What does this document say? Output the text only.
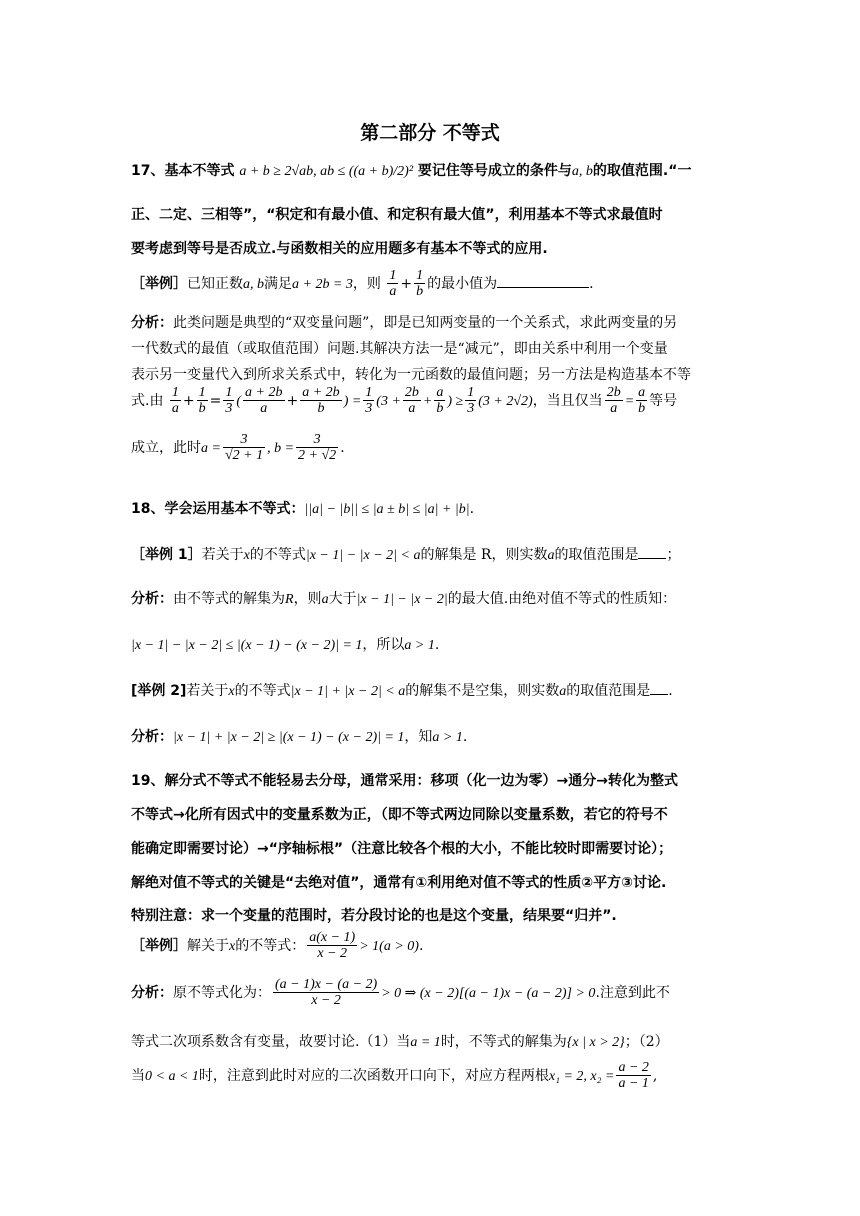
第二部分 不等式
17、基本不等式 a + b ≥ 2√ab, ab ≤ ((a + b)/2)² 要记住等号成立的条件与a, b的取值范围.“一
正、二定、三相等”，“积定和有最小值、和定积有最大值”，利用基本不等式求最值时
要考虑到等号是否成立.与函数相关的应用题多有基本不等式的应用.
［举例］已知正数a, b满足a + 2b = 3，则 $\frac{1}{a} + \frac{1}{b}$ 的最小值为	.
分析：此类问题是典型的“双变量问题”，即是已知两变量的一个关系式，求此两变量的另
一代数式的最值（或取值范围）问题.其解决方法一是“减元”，即由关系中利用一个变量
表示另一变量代入到所求关系式中，转化为一元函数的最值问题；另一方法是构造基本不等
式.由 $\frac{1}{a} + \frac{1}{b} = \frac{1}{3}$ ( $\frac{a + 2b}{a} + \frac{a + 2b}{b}$ ) = $\frac{1}{3} (3 + \frac{2b}{a} + \frac{a}{b}$ ) ≥ $\frac{1}{3} (3 + 2√2)$，当且仅当 $\frac{2b}{a} = \frac{a}{b}$ 等号
成立，此时$a = \frac{3}{√2 + 1}$ , $b = \frac{3}{2 + √2}$ .
18、学会运用基本不等式：||a| − |b|| ≤ |a ± b| ≤ |a| + |b|.
［举例 1］若关于x的不等式|x − 1| − |x − 2| < a的解集是 R，则实数a的取值范围是 ；
分析：由不等式的解集为R，则a大于|x − 1| − |x − 2|的最大值.由绝对值不等式的性质知：
|x − 1| − |x − 2| ≤ |(x − 1) − (x − 2)| = 1，所以a > 1.
[举例 2]若关于x的不等式|x − 1| + |x − 2| < a的解集不是空集，则实数a的取值范围是 .
分析：|x − 1| + |x − 2| ≥ |(x − 1) − (x − 2)| = 1，知a > 1.
19、解分式不等式不能轻易去分母，通常采用：移项（化一边为零）→通分→转化为整式
不等式→化所有因式中的变量系数为正，（即不等式两边同除以变量系数，若它的符号不
能确定即需要讨论）→“序轴标根”（注意比较各个根的大小，不能比较时即需要讨论）；
解绝对值不等式的关键是“去绝对值”，通常有①利用绝对值不等式的性质②平方③讨论.
特别注意：求一个变量的范围时，若分段讨论的也是这个变量，结果要“归并”.
［举例］解关于x的不等式： $\frac{a(x - 1)}{x - 2} > 1(a > 0)$.
分析：原不等式化为： $\frac{(a - 1)x - (a - 2)}{x - 2} > 0$ ⇒ (x − 2)[(a − 1)x − (a − 2)] > 0.注意到此不
等式二次项系数含有变量，故要讨论.（1）当a = 1时，不等式的解集为{x | x > 2}；（2）
当0 < a < 1时，注意到此时对应的二次函数开口向下，对应方程两根x₁ = 2, $x_2 = \frac{a - 2}{a - 1}$ ,
